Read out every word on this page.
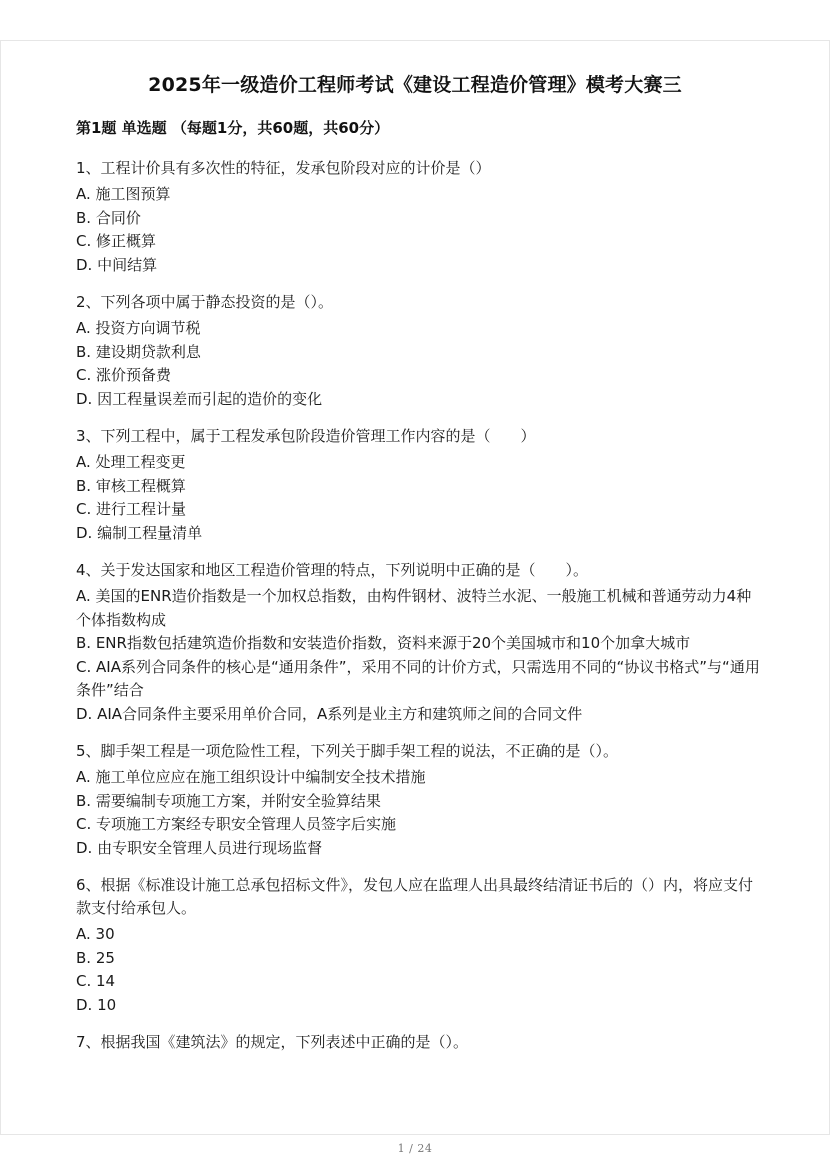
2025年一级造价工程师考试《建设工程造价管理》模考大赛三
第1题 单选题 （每题1分，共60题，共60分）
1、工程计价具有多次性的特征，发承包阶段对应的计价是（）
A. 施工图预算
B. 合同价
C. 修正概算
D. 中间结算
2、下列各项中属于静态投资的是（）。
A. 投资方向调节税
B. 建设期贷款利息
C. 涨价预备费
D. 因工程量误差而引起的造价的变化
3、下列工程中，属于工程发承包阶段造价管理工作内容的是（　　）
A. 处理工程变更
B. 审核工程概算
C. 进行工程计量
D. 编制工程量清单
4、关于发达国家和地区工程造价管理的特点，下列说明中正确的是（　　）。
A. 美国的ENR造价指数是一个加权总指数，由构件钢材、波特兰水泥、一般施工机械和普通劳动力4种个体指数构成
B. ENR指数包括建筑造价指数和安装造价指数，资料来源于20个美国城市和10个加拿大城市
C. AIA系列合同条件的核心是“通用条件”，采用不同的计价方式，只需选用不同的“协议书格式”与“通用条件”结合
D. AIA合同条件主要采用单价合同，A系列是业主方和建筑师之间的合同文件
5、脚手架工程是一项危险性工程，下列关于脚手架工程的说法，不正确的是（）。
A. 施工单位应应在施工组织设计中编制安全技术措施
B. 需要编制专项施工方案，并附安全验算结果
C. 专项施工方案经专职安全管理人员签字后实施
D. 由专职安全管理人员进行现场监督
6、根据《标准设计施工总承包招标文件》，发包人应在监理人出具最终结清证书后的（）内，将应支付款支付给承包人。
A. 30
B. 25
C. 14
D. 10
7、根据我国《建筑法》的规定，下列表述中正确的是（）。
1 / 24
